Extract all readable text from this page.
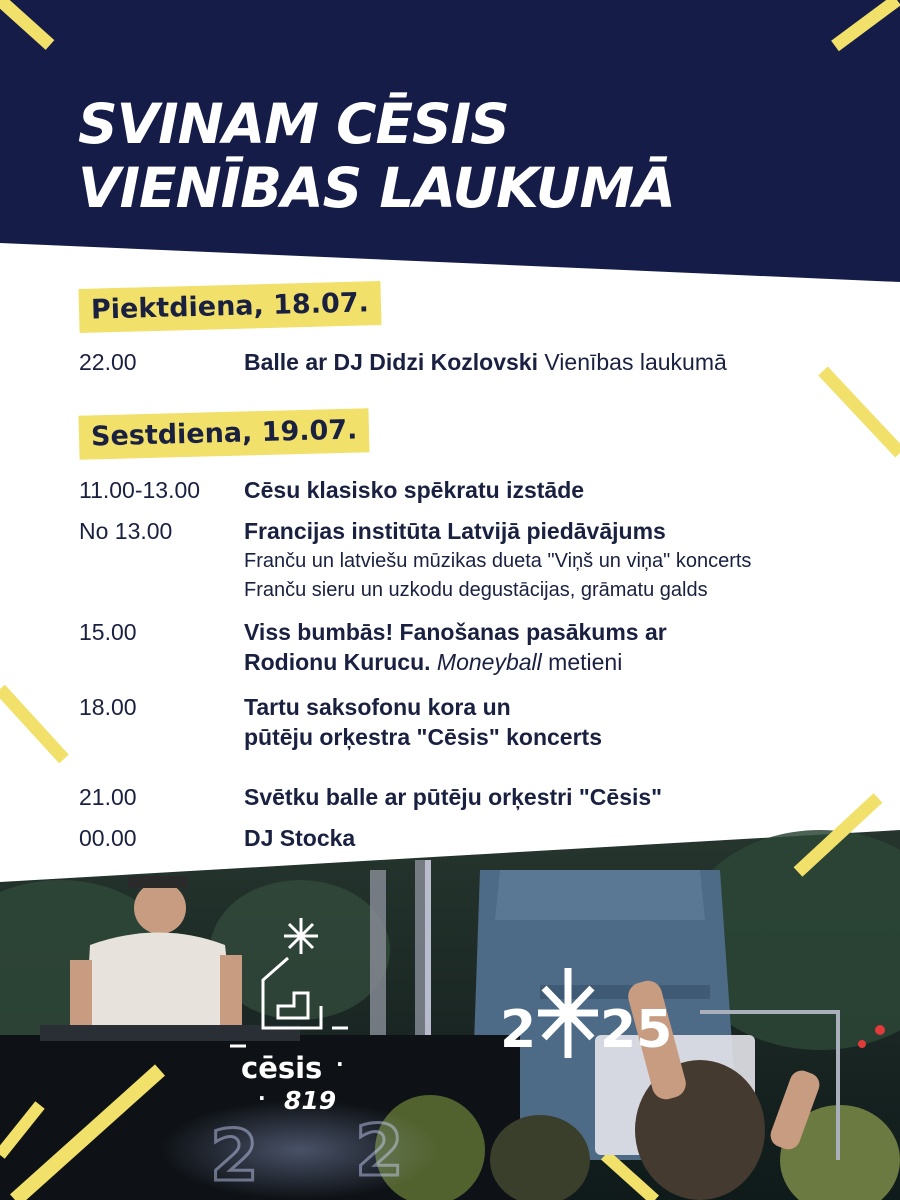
2 2
SVINAM CĒSIS
VIENĪBAS LAUKUMĀ
Piektdiena, 18.07.
22.00	Balle ar DJ Didzi Kozlovski Vienības laukumā
Sestdiena, 19.07.
11.00-13.00 Cēsu klasisko spēkratu izstāde
No 13.00	Francijas institūta Latvijā piedāvājums
Franču un latviešu mūzikas dueta "Viņš un viņa" koncerts
Franču sieru un uzkodu degustācijas, grāmatu galds
15.00	Viss bumbās! Fanošanas pasākums ar
Rodionu Kurucu. Moneyball metieni
18.00	Tartu saksofonu kora un
pūtēju orķestra "Cēsis" koncerts
21.00	Svētku balle ar pūtēju orķestri "Cēsis"
00.00	DJ Stocka
cēsis ·
· 819
2 25
